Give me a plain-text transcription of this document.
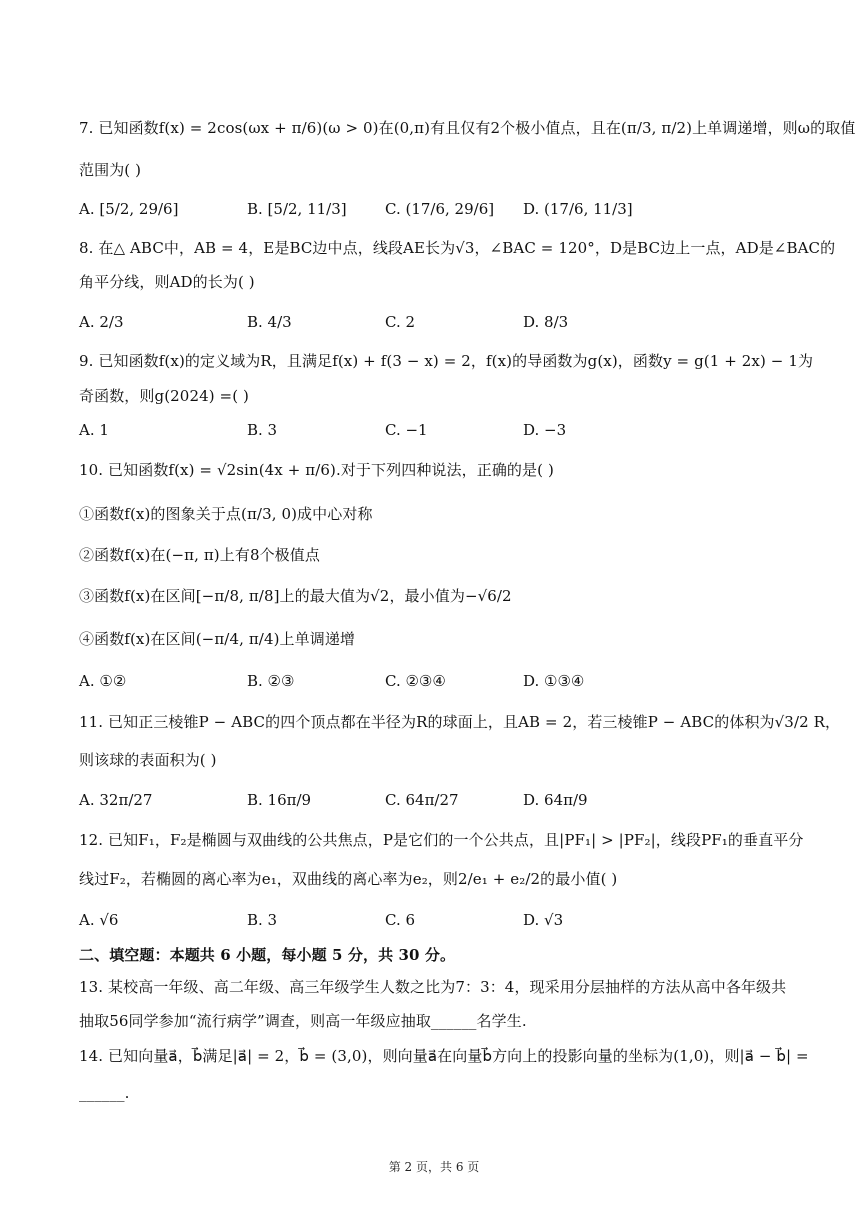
7. 已知函数f(x) = 2cos(ωx + π/6)(ω > 0)在(0,π)有且仅有2个极小值点，且在(π/3, π/2)上单调递增，则ω的取值
范围为( )
A. [5/2, 29/6]	B. [5/2, 11/3]	C. (17/6, 29/6] D. (17/6, 11/3]
8. 在△ ABC中，AB = 4，E是BC边中点，线段AE长为√3，∠BAC = 120°，D是BC边上一点，AD是∠BAC的
角平分线，则AD的长为( )
A. 2/3	B. 4/3	C. 2	D. 8/3
9. 已知函数f(x)的定义域为R，且满足f(x) + f(3 − x) = 2，f(x)的导函数为g(x)，函数y = g(1 + 2x) − 1为
奇函数，则g(2024) =( )
A. 1	B. 3	C. −1	D. −3
10. 已知函数f(x) = √2sin(4x + π/6).对于下列四种说法，正确的是( )
①函数f(x)的图象关于点(π/3, 0)成中心对称
②函数f(x)在(−π, π)上有8个极值点
③函数f(x)在区间[−π/8, π/8]上的最大值为√2，最小值为−√6/2
④函数f(x)在区间(−π/4, π/4)上单调递增
A. ①②	B. ②③	C. ②③④	D. ①③④
11. 已知正三棱锥P − ABC的四个顶点都在半径为R的球面上，且AB = 2，若三棱锥P − ABC的体积为√3/2 R，
则该球的表面积为( )
A. 32π/27	B. 16π/9	C. 64π/27	D. 64π/9
12. 已知F₁，F₂是椭圆与双曲线的公共焦点，P是它们的一个公共点，且|PF₁| > |PF₂|，线段PF₁的垂直平分
线过F₂，若椭圆的离心率为e₁，双曲线的离心率为e₂，则2/e₁ + e₂/2的最小值( )
A. √6	B. 3	C. 6	D. √3
二、填空题：本题共 6 小题，每小题 5 分，共 30 分。
13. 某校高一年级、高二年级、高三年级学生人数之比为7：3：4，现采用分层抽样的方法从高中各年级共
抽取56同学参加“流行病学”调查，则高一年级应抽取______名学生.
14. 已知向量a⃗，b⃗满足|a⃗| = 2，b⃗ = (3,0)，则向量a⃗在向量b⃗方向上的投影向量的坐标为(1,0)，则|a⃗ − b⃗| =
______.
第 2 页，共 6 页
